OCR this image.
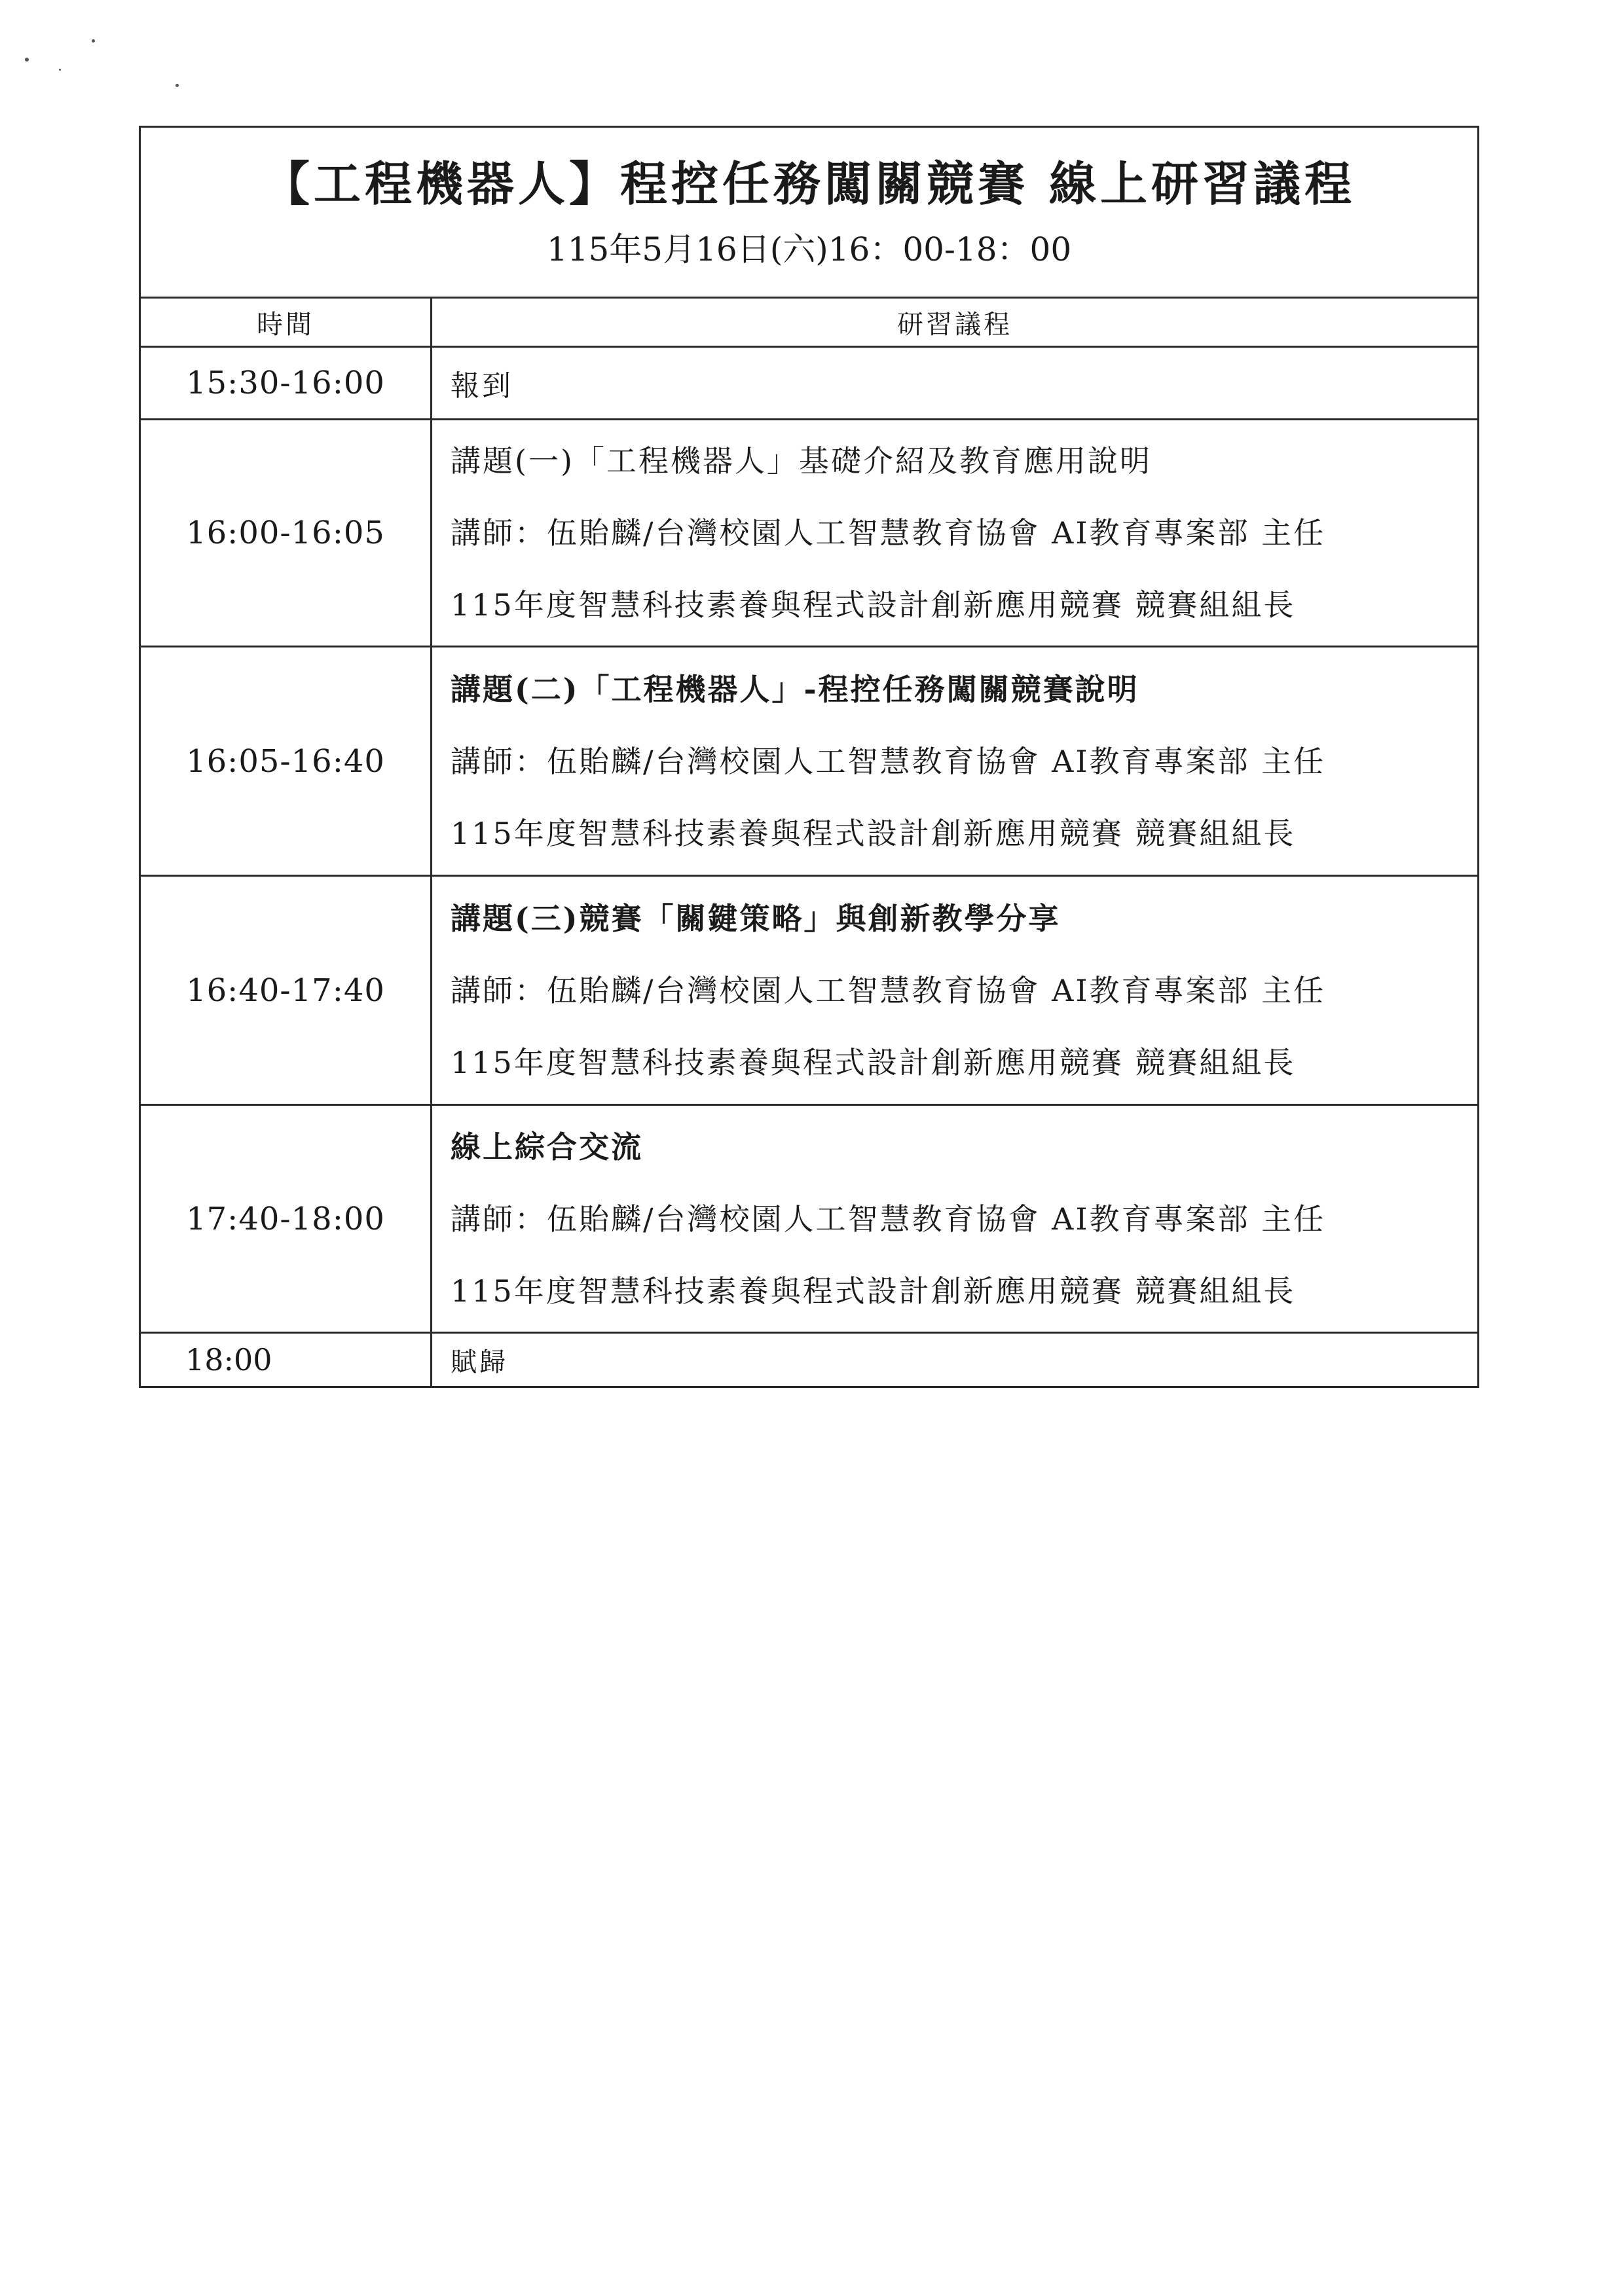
【工程機器人】程控任務闖關競賽 線上研習議程
115年5月16日(六)16：00-18：00	

時間	研習議程
15:30-16:00	報到
16:00-16:05	講題(一)「工程機器人」基礎介紹及教育應用說明
講師：伍貽麟/台灣校園人工智慧教育協會 AI教育專案部 主任
115年度智慧科技素養與程式設計創新應用競賽 競賽組組長

16:05-16:40	講題(二)「工程機器人」-程控任務闖關競賽說明
講師：伍貽麟/台灣校園人工智慧教育協會 AI教育專案部 主任
115年度智慧科技素養與程式設計創新應用競賽 競賽組組長

16:40-17:40	講題(三)競賽「關鍵策略」與創新教學分享
講師：伍貽麟/台灣校園人工智慧教育協會 AI教育專案部 主任
115年度智慧科技素養與程式設計創新應用競賽 競賽組組長

17:40-18:00	線上綜合交流
講師：伍貽麟/台灣校園人工智慧教育協會 AI教育專案部 主任
115年度智慧科技素養與程式設計創新應用競賽 競賽組組長

18:00	賦歸
